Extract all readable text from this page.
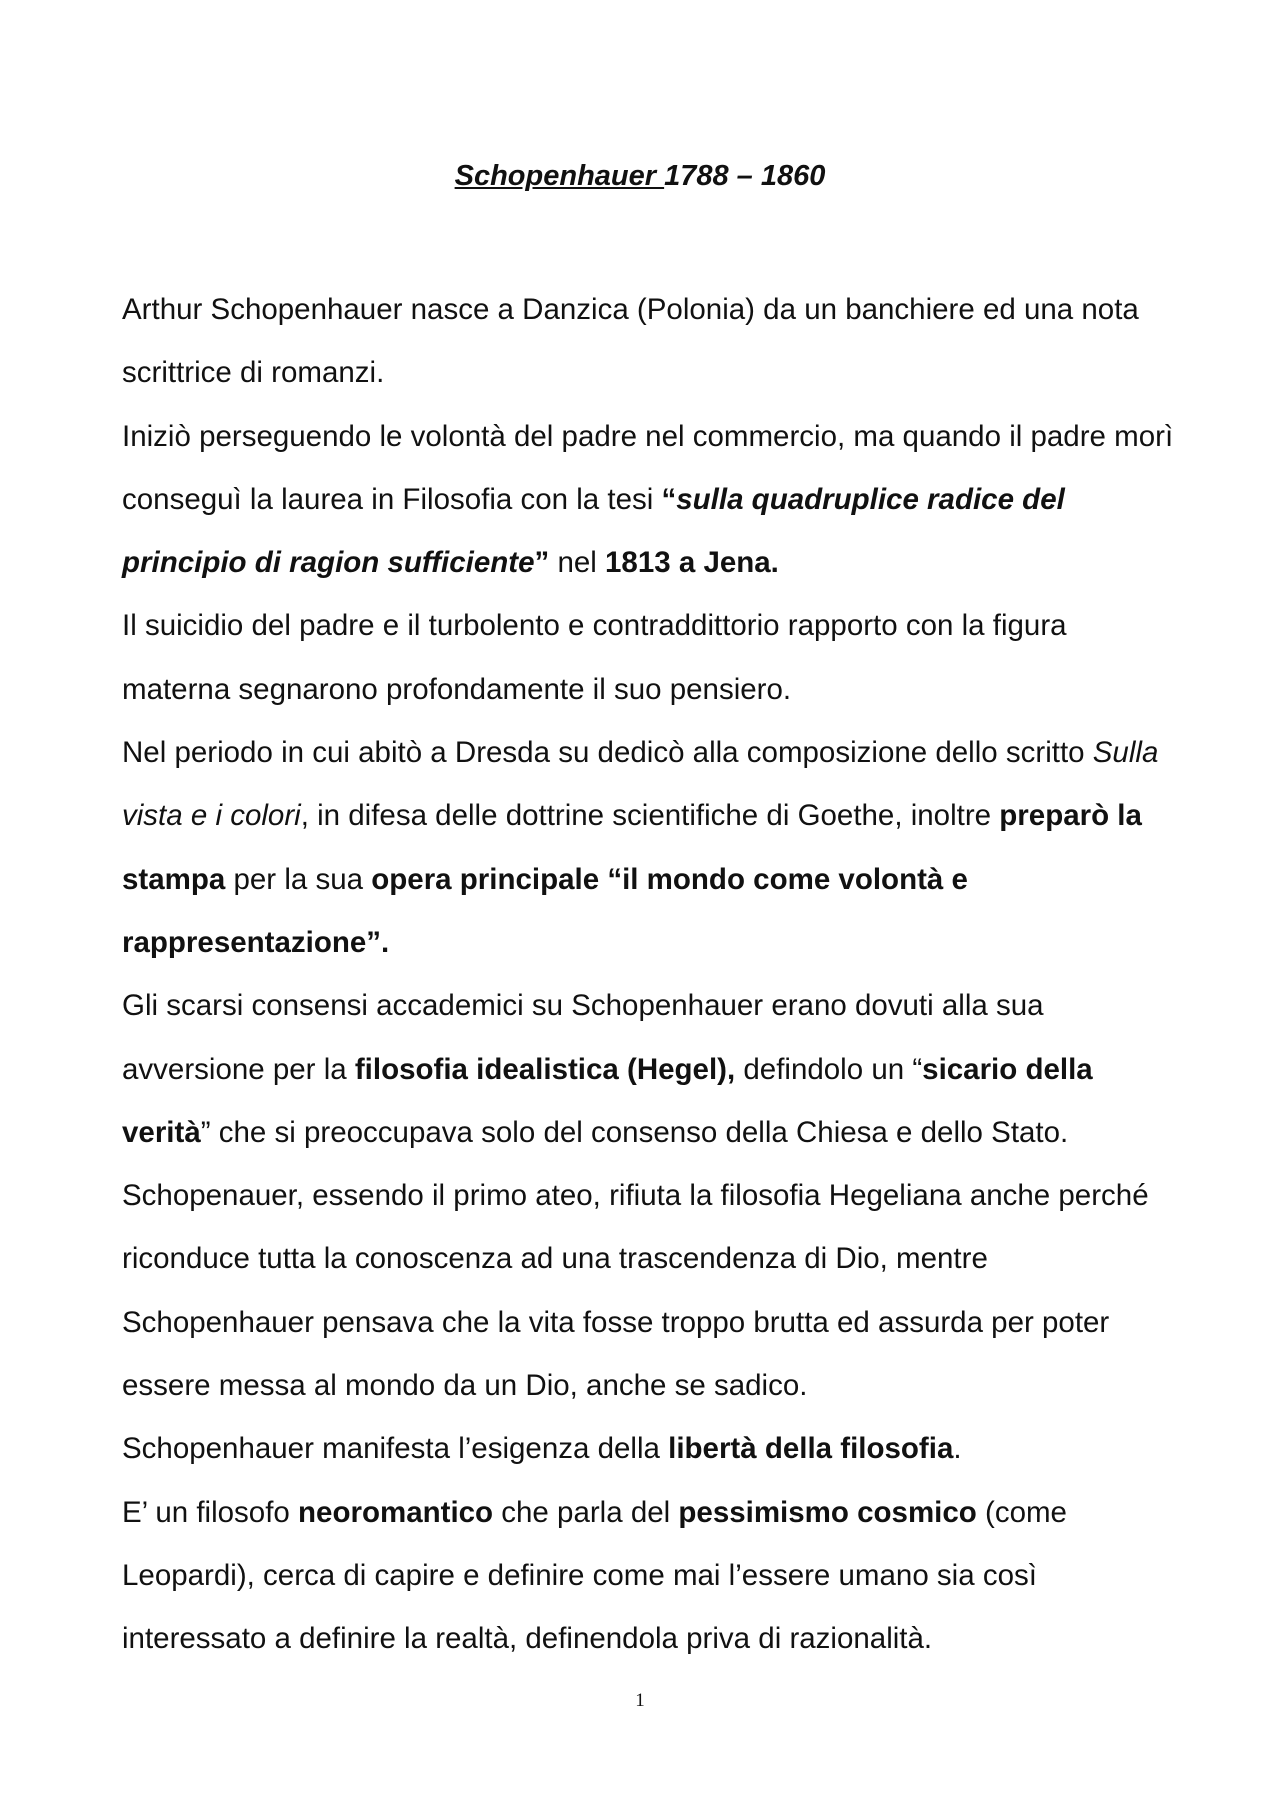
Schopenhauer 1788 – 1860

Arthur Schopenhauer nasce a Danzica (Polonia) da un banchiere ed una nota scrittrice di romanzi.

Iniziò perseguendo le volontà del padre nel commercio, ma quando il padre morì conseguì la laurea in Filosofia con la tesi “sulla quadruplice radice del principio di ragion sufficiente” nel 1813 a Jena.

Il suicidio del padre e il turbolento e contraddittorio rapporto con la figura materna segnarono profondamente il suo pensiero.

Nel periodo in cui abitò a Dresda su dedicò alla composizione dello scritto Sulla vista e i colori, in difesa delle dottrine scientifiche di Goethe, inoltre preparò la stampa per la sua opera principale “il mondo come volontà e rappresentazione”.

Gli scarsi consensi accademici su Schopenhauer erano dovuti alla sua avversione per la filosofia idealistica (Hegel), defindolo un “sicario della verità” che si preoccupava solo del consenso della Chiesa e dello Stato.

Schopenauer, essendo il primo ateo, rifiuta la filosofia Hegeliana anche perché riconduce tutta la conoscenza ad una trascendenza di Dio, mentre Schopenhauer pensava che la vita fosse troppo brutta ed assurda per poter essere messa al mondo da un Dio, anche se sadico.

Schopenhauer manifesta l’esigenza della libertà della filosofia.

E’ un filosofo neoromantico che parla del pessimismo cosmico (come Leopardi), cerca di capire e definire come mai l’essere umano sia così interessato a definire la realtà, definendola priva di razionalità.

1
